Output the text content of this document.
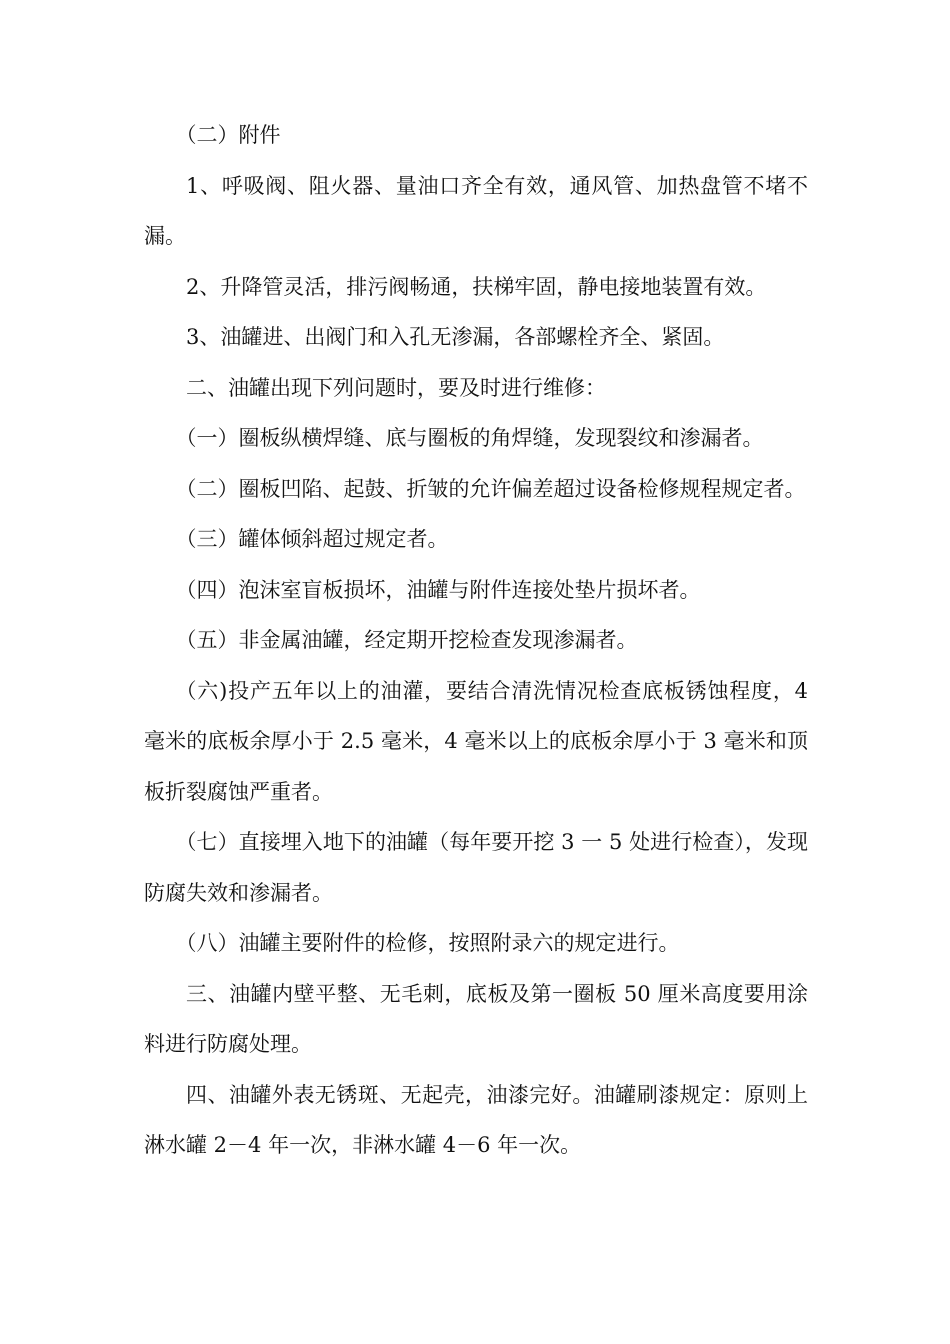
（二）附件

1、呼吸阀、阻火器、量油口齐全有效，通风管、加热盘管不堵不漏。

2、升降管灵活，排污阀畅通，扶梯牢固，静电接地装置有效。

3、油罐进、出阀门和入孔无渗漏，各部螺栓齐全、紧固。

二、油罐出现下列问题时，要及时进行维修：

（一）圈板纵横焊缝、底与圈板的角焊缝，发现裂纹和渗漏者。

（二）圈板凹陷、起鼓、折皱的允许偏差超过设备检修规程规定者。

（三）罐体倾斜超过规定者。

（四）泡沫室盲板损坏，油罐与附件连接处垫片损坏者。

（五）非金属油罐，经定期开挖检查发现渗漏者。

（六)投产五年以上的油灌，要结合清洗情况检查底板锈蚀程度，4 毫米的底板余厚小于 2.5 毫米，4 毫米以上的底板余厚小于 3 毫米和顶板折裂腐蚀严重者。

（七）直接埋入地下的油罐（每年要开挖 3 一 5 处进行检查），发现防腐失效和渗漏者。

（八）油罐主要附件的检修，按照附录六的规定进行。

三、油罐内壁平整、无毛刺，底板及第一圈板 50 厘米高度要用涂料进行防腐处理。

四、油罐外表无锈斑、无起壳，油漆完好。油罐刷漆规定：原则上淋水罐 2－4 年一次，非淋水罐 4－6 年一次。
